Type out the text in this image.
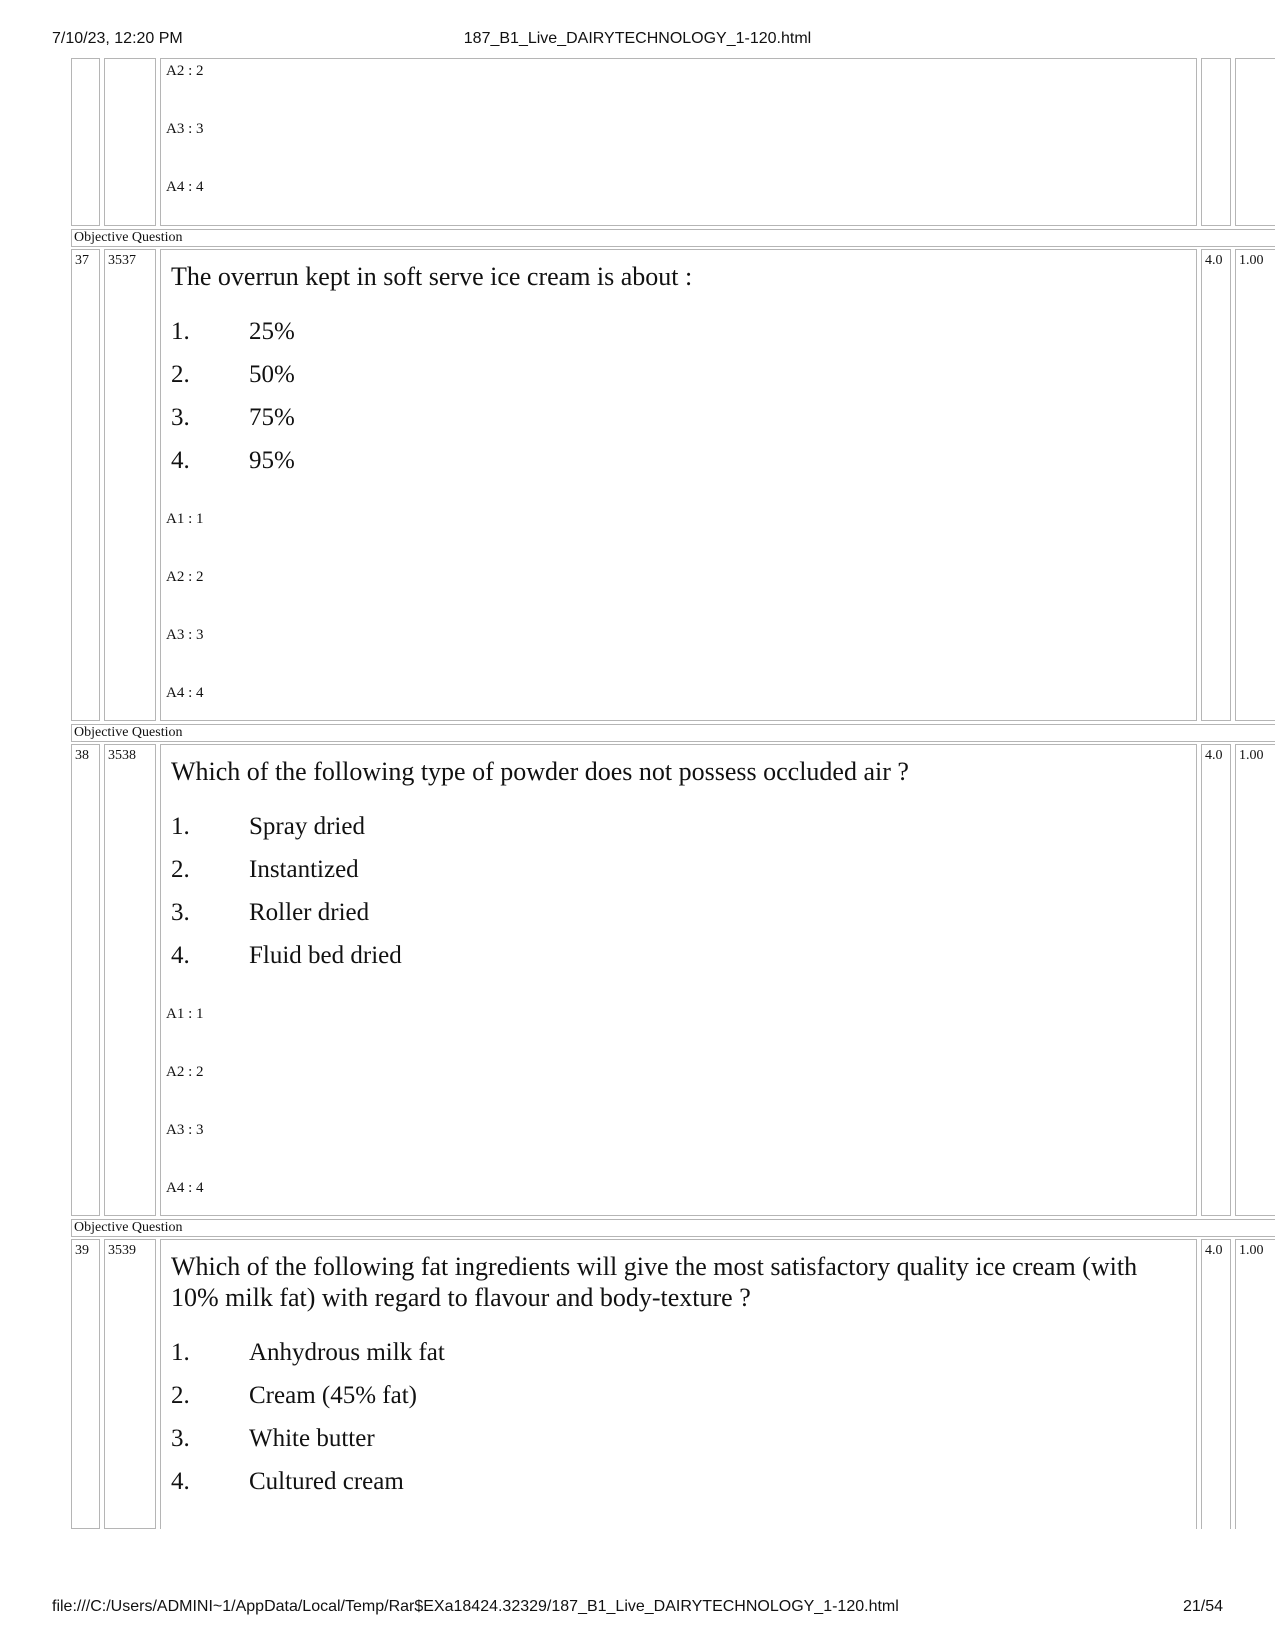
7/10/23, 12:20 PM	187_B1_Live_DAIRYTECHNOLOGY_1-120.html
A2 : 2
A3 : 3
A4 : 4
Objective Question
37	3537
The overrun kept in soft serve ice cream is about :
1. 25%
2. 50%
3. 75%
4. 95%
A1 : 1
A2 : 2
A3 : 3
A4 : 4
4.0	1.00
Objective Question
38	3538
Which of the following type of powder does not possess occluded air ?
1. Spray dried
2. Instantized
3. Roller dried
4. Fluid bed dried
A1 : 1
A2 : 2
A3 : 3
A4 : 4
4.0	1.00
Objective Question
39	3539
Which of the following fat ingredients will give the most satisfactory quality ice cream (with 10% milk fat) with regard to flavour and body-texture ?
1. Anhydrous milk fat
2. Cream (45% fat)
3. White butter
4. Cultured cream
4.0	1.00
file:///C:/Users/ADMINI~1/AppData/Local/Temp/Rar$EXa18424.32329/187_B1_Live_DAIRYTECHNOLOGY_1-120.html	21/54
